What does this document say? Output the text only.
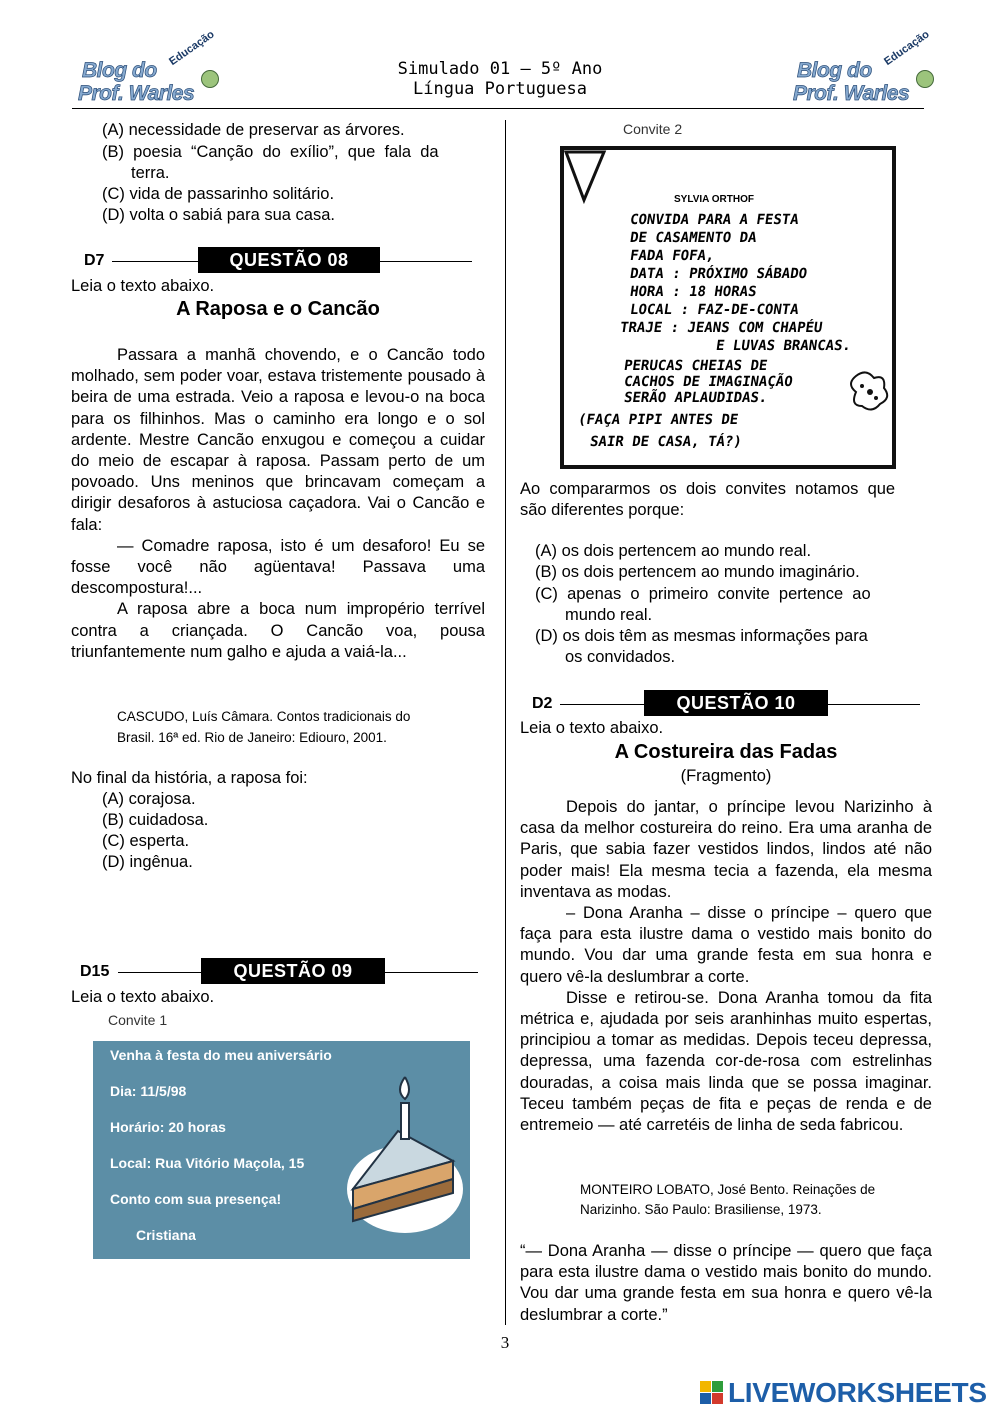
Blog do
Prof. Warles
Educação
Simulado 01 – 5º Ano
Língua Portuguesa
Blog do
Prof. Warles
Educação
(A) necessidade de preservar as árvores.
(B)  poesia  “Canção  do  exílio”,  que  fala  da
terra.
(C) vida de passarinho solitário.
(D) volta o sabiá para sua casa.
D7	QUESTÃO 08
Leia o texto abaixo.
A Raposa e o Cancão

Passara a manhã chovendo, e o Cancão todo molhado, sem poder voar, estava tristemente pousado à beira de uma estrada. Veio a raposa e levou-o na boca para os filhinhos. Mas o caminho era longo e o sol ardente. Mestre Cancão enxugou e começou a cuidar do meio de escapar à raposa. Passam perto de um povoado. Uns meninos que brincavam começam a dirigir desaforos à astuciosa caçadora. Vai o Cancão e fala:

— Comadre raposa, isto é um desaforo! Eu se fosse você não agüentava! Passava uma descompostura!...

A raposa abre a boca num impropério terrível contra a criançada. O Cancão voa, pousa triunfantemente num galho e ajuda a vaiá-la...

CASCUDO, Luís Câmara. Contos tradicionais do
Brasil. 16ª ed. Rio de Janeiro: Ediouro, 2001.
No final da história, a raposa foi:
(A) corajosa.
(B) cuidadosa.
(C) esperta.
(D) ingênua.
D15	QUESTÃO 09
Leia o texto abaixo.
Convite 1
Venha à festa do meu aniversário
Dia: 11/5/98
Horário: 20 horas
Local: Rua Vitório Maçola, 15
Conto com sua presença!
Cristiana
Convite 2
SYLVIA ORTHOF
CONVIDA PARA A FESTA
DE CASAMENTO DA
FADA FOFA,
DATA : PRÓXIMO SÁBADO
HORA : 18 HORAS
LOCAL : FAZ-DE-CONTA
TRAJE : JEANS COM CHAPÉU
E LUVAS BRANCAS.
PERUCAS CHEIAS DE
CACHOS DE IMAGINAÇÃO
SERÃO APLAUDIDAS.
(FAÇA PIPI ANTES DE
SAIR DE CASA, TÁ?)
Ao  compararmos  os  dois  convites  notamos  que
são diferentes porque:
(A) os dois pertencem ao mundo real.
(B) os dois pertencem ao mundo imaginário.
(C)  apenas  o  primeiro  convite  pertence  ao
mundo real.
(D) os dois têm as mesmas informações para
os convidados.
D2	QUESTÃO 10
Leia o texto abaixo.
A Costureira das Fadas
(Fragmento)

Depois do jantar, o príncipe levou Narizinho à casa da melhor costureira do reino. Era uma aranha de Paris, que sabia fazer vestidos lindos, lindos até não poder mais! Ela mesma tecia a fazenda, ela mesma inventava as modas.

– Dona Aranha – disse o príncipe – quero que faça para esta ilustre dama o vestido mais bonito do mundo. Vou dar uma grande festa em sua honra e quero vê-la deslumbrar a corte.

Disse e retirou-se. Dona Aranha tomou da fita métrica e, ajudada por seis aranhinhas muito espertas, principiou a tomar as medidas. Depois teceu depressa, depressa, uma fazenda cor-de-rosa com estrelinhas douradas, a coisa mais linda que se possa imaginar. Teceu também peças de fita e peças de renda e de entremeio — até carretéis de linha de seda fabricou.

MONTEIRO LOBATO, José Bento. Reinações de
Narizinho. São Paulo: Brasiliense, 1973.
“— Dona Aranha — disse o príncipe — quero que faça para esta ilustre dama o vestido mais bonito do mundo. Vou dar uma grande festa em sua honra e quero vê-la deslumbrar a corte.”
3
LIVEWORKSHEETS
